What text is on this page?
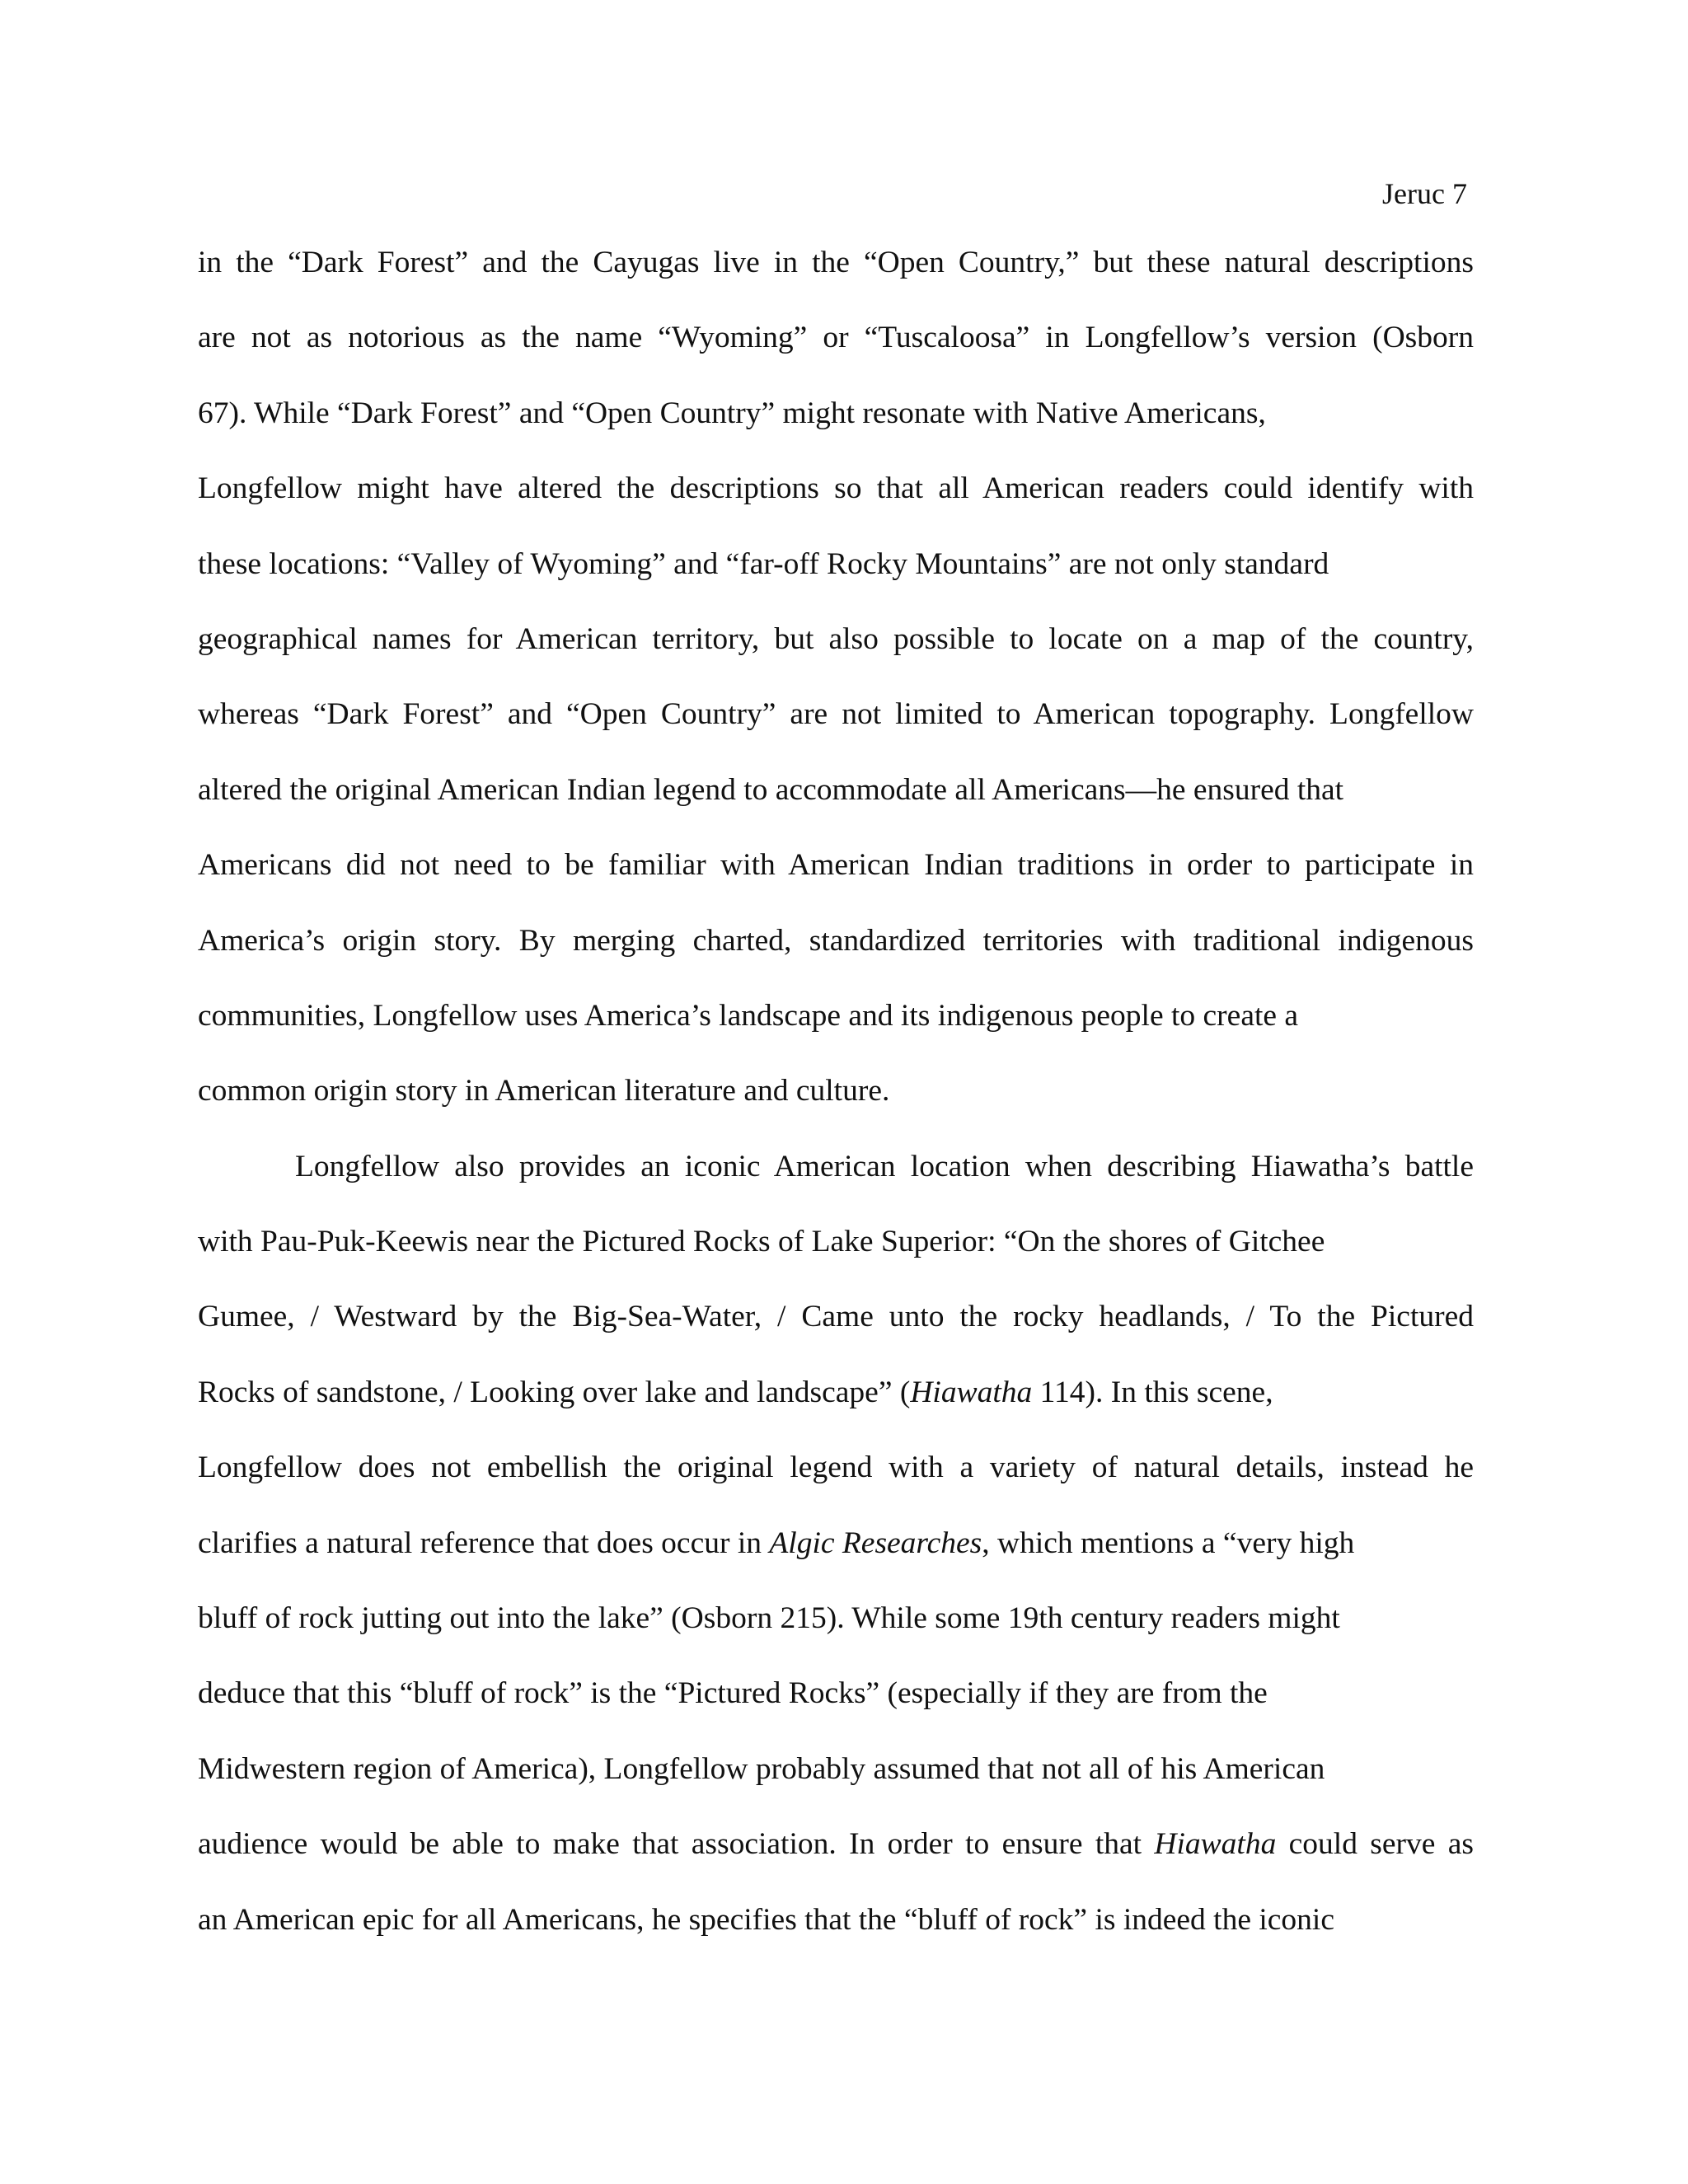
Jeruc 7
in the “Dark Forest” and the Cayugas live in the “Open Country,” but these natural descriptions
are not as notorious as the name “Wyoming” or “Tuscaloosa” in Longfellow’s version (Osborn
67). While “Dark Forest” and “Open Country” might resonate with Native Americans,
Longfellow might have altered the descriptions so that all American readers could identify with
these locations: “Valley of Wyoming” and “far-off Rocky Mountains” are not only standard
geographical names for American territory, but also possible to locate on a map of the country,
whereas “Dark Forest” and “Open Country” are not limited to American topography. Longfellow
altered the original American Indian legend to accommodate all Americans—he ensured that
Americans did not need to be familiar with American Indian traditions in order to participate in
America’s origin story. By merging charted, standardized territories with traditional indigenous
communities, Longfellow uses America’s landscape and its indigenous people to create a
common origin story in American literature and culture.
Longfellow also provides an iconic American location when describing Hiawatha’s battle
with Pau-Puk-Keewis near the Pictured Rocks of Lake Superior: “On the shores of Gitchee
Gumee, / Westward by the Big-Sea-Water, / Came unto the rocky headlands, / To the Pictured
Rocks of sandstone, / Looking over lake and landscape” (Hiawatha 114). In this scene,
Longfellow does not embellish the original legend with a variety of natural details, instead he
clarifies a natural reference that does occur in Algic Researches, which mentions a “very high
bluff of rock jutting out into the lake” (Osborn 215). While some 19th century readers might
deduce that this “bluff of rock” is the “Pictured Rocks” (especially if they are from the
Midwestern region of America), Longfellow probably assumed that not all of his American
audience would be able to make that association. In order to ensure that Hiawatha could serve as
an American epic for all Americans, he specifies that the “bluff of rock” is indeed the iconic
